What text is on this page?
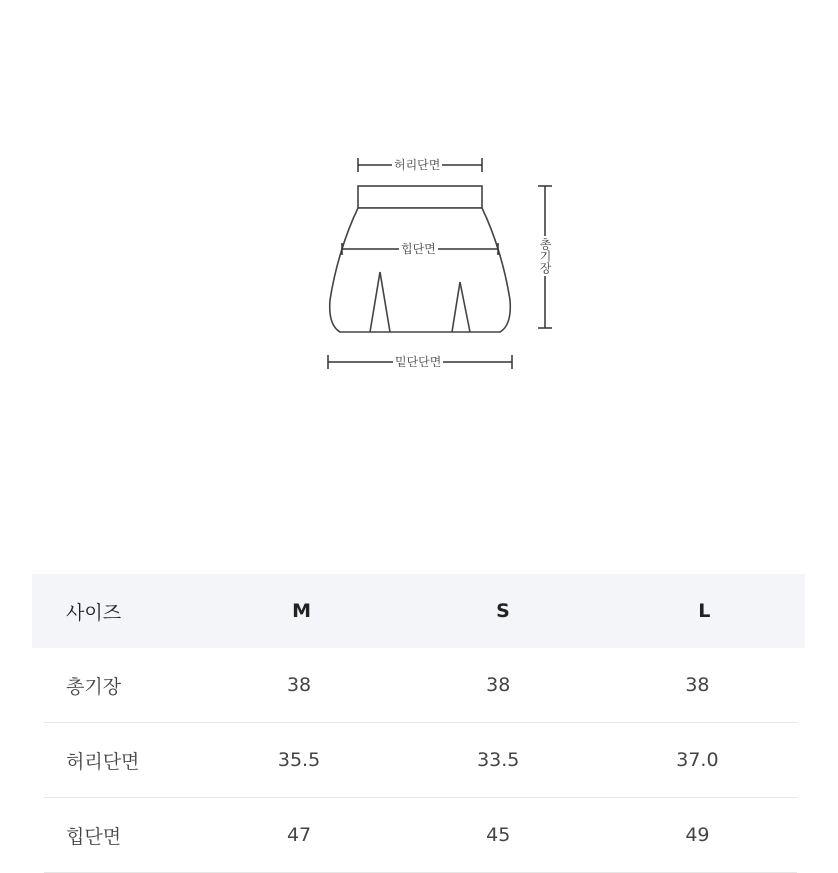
허리단면
힙단면
밑단단면
총기장
사이즈	M	S	L
총기장	38	38	38
허리단면	35.5	33.5	37.0
힙단면	47	45	49
